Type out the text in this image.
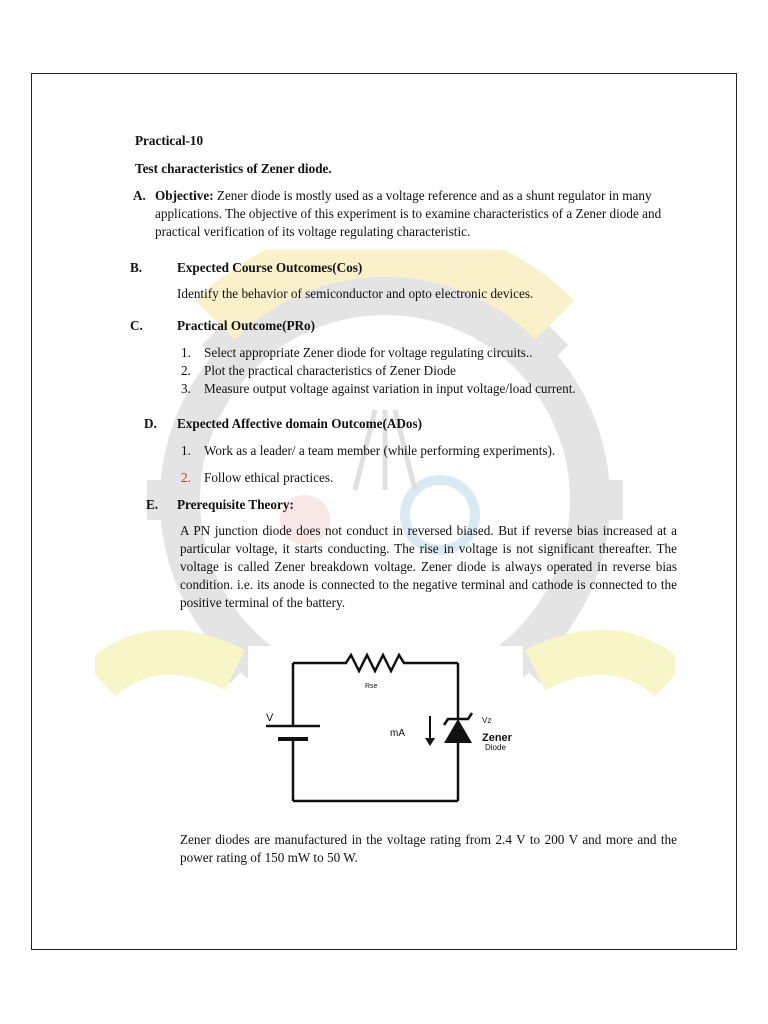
Practical-10
Test characteristics of Zener diode.
A. Objective: Zener diode is mostly used as a voltage reference and as a shunt regulator in many applications. The objective of this experiment is to examine characteristics of a Zener diode and practical verification of its voltage regulating characteristic.
B.	Expected Course Outcomes(Cos)
Identify the behavior of semiconductor and opto electronic devices.
C.	Practical Outcome(PRo)
1. Select appropriate Zener diode for voltage regulating circuits..
2. Plot the practical characteristics of Zener Diode
3. Measure output voltage against variation in input voltage/load current.
D. Expected Affective domain Outcome(ADos)
1. Work as a leader/ a team member (while performing experiments).
2. Follow ethical practices.
E. Prerequisite Theory:
A PN junction diode does not conduct in reversed biased. But if reverse bias increased at a particular voltage, it starts conducting. The rise in voltage is not significant thereafter. The voltage is called Zener breakdown voltage. Zener diode is always operated in reverse bias condition. i.e. its anode is connected to the negative terminal and cathode is connected to the positive terminal of the battery.
V
Rse
mA
Vz
Zener
Diode
Zener diodes are manufactured in the voltage rating from 2.4 V to 200 V and more and the power rating of 150 mW to 50 W.
